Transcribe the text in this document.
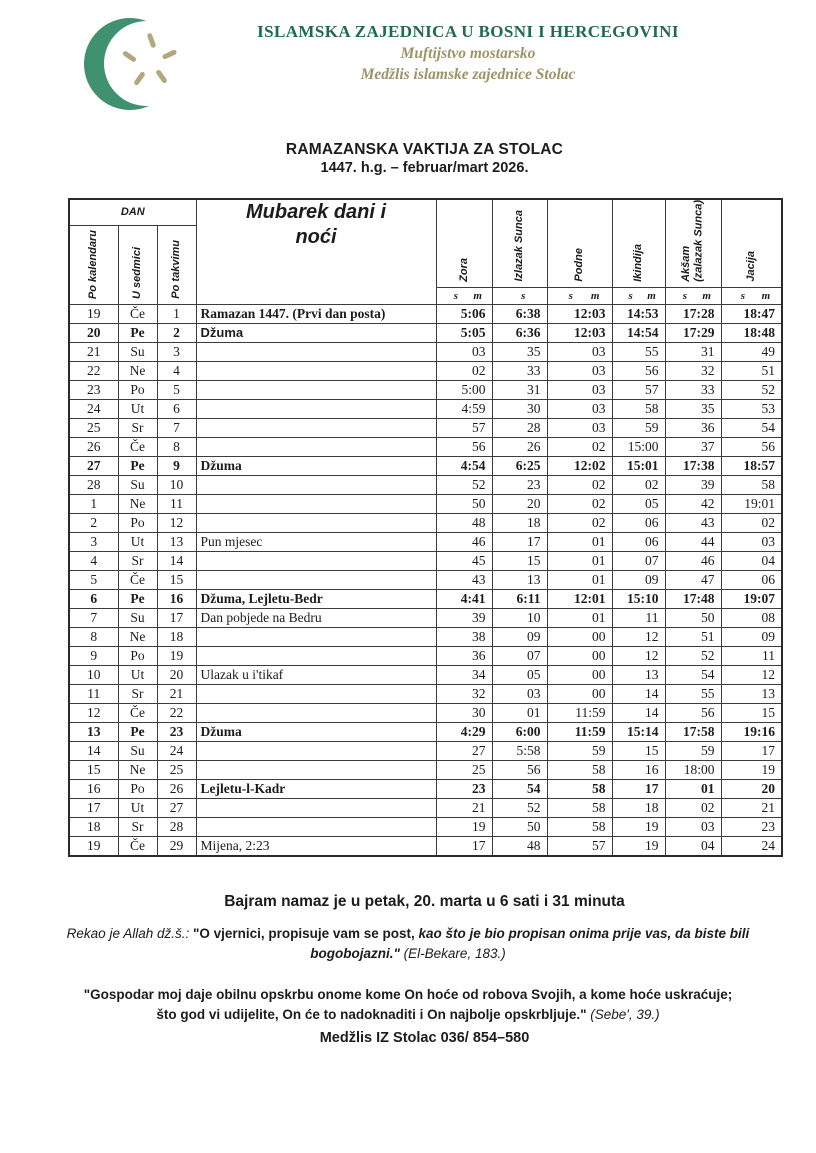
ISLAMSKA ZAJEDNICA U BOSNI I HERCEGOVINI
Muftijstvo mostarsko
Medžlis islamske zajednice Stolac
RAMAZANSKA VAKTIJA ZA STOLAC
1447. h.g. – februar/mart 2026.
DAN	Mubarek dani i
noći

Zora	Izlazak Sunca	Podne	Ikindija	Akšam
(zalazak Sunca)	Jacija

Po kalendaru	U sedmici	Po takvimu							

				s m	s	s m	s m	s m	s m
19	Če	1	Ramazan 1447. (Prvi dan posta)	5:06	6:38	12:03	14:53	17:28	18:47
20	Pe	2	Džuma	5:05	6:36	12:03	14:54	17:29	18:48
21	Su	3		03	35	03	55	31	49
22	Ne	4		02	33	03	56	32	51
23	Po	5		5:00	31	03	57	33	52
24	Ut	6		4:59	30	03	58	35	53
25	Sr	7		57	28	03	59	36	54
26	Če	8		56	26	02	15:00	37	56
27	Pe	9	Džuma	4:54	6:25	12:02	15:01	17:38	18:57
28	Su	10		52	23	02	02	39	58
1	Ne	11		50	20	02	05	42	19:01
2	Po	12		48	18	02	06	43	02
3	Ut	13	Pun mjesec	46	17	01	06	44	03
4	Sr	14		45	15	01	07	46	04
5	Če	15		43	13	01	09	47	06
6	Pe	16	Džuma, Lejletu-Bedr	4:41	6:11	12:01	15:10	17:48	19:07
7	Su	17	Dan pobjede na Bedru	39	10	01	11	50	08
8	Ne	18		38	09	00	12	51	09
9	Po	19		36	07	00	12	52	11
10	Ut	20	Ulazak u i'tikaf	34	05	00	13	54	12
11	Sr	21		32	03	00	14	55	13
12	Če	22		30	01	11:59	14	56	15
13	Pe	23	Džuma	4:29	6:00	11:59	15:14	17:58	19:16
14	Su	24		27	5:58	59	15	59	17
15	Ne	25		25	56	58	16	18:00	19
16	Po	26	Lejletu-l-Kadr	23	54	58	17	01	20
17	Ut	27		21	52	58	18	02	21
18	Sr	28		19	50	58	19	03	23
19	Če	29	Mijena, 2:23	17	48	57	19	04	24
Bajram namaz je u petak, 20. marta u 6 sati i 31 minuta
Rekao je Allah dž.š.: "O vjernici, propisuje vam se post, kao što je bio propisan onima prije vas, da biste bili bogobojazni." (El-Bekare, 183.)
"Gospodar moj daje obilnu opskrbu onome kome On hoće od robova Svojih, a kome hoće uskraćuje; što god vi udijelite, On će to nadoknaditi i On najbolje opskrbljuje." (Sebe', 39.)
Medžlis IZ Stolac 036/ 854–580
